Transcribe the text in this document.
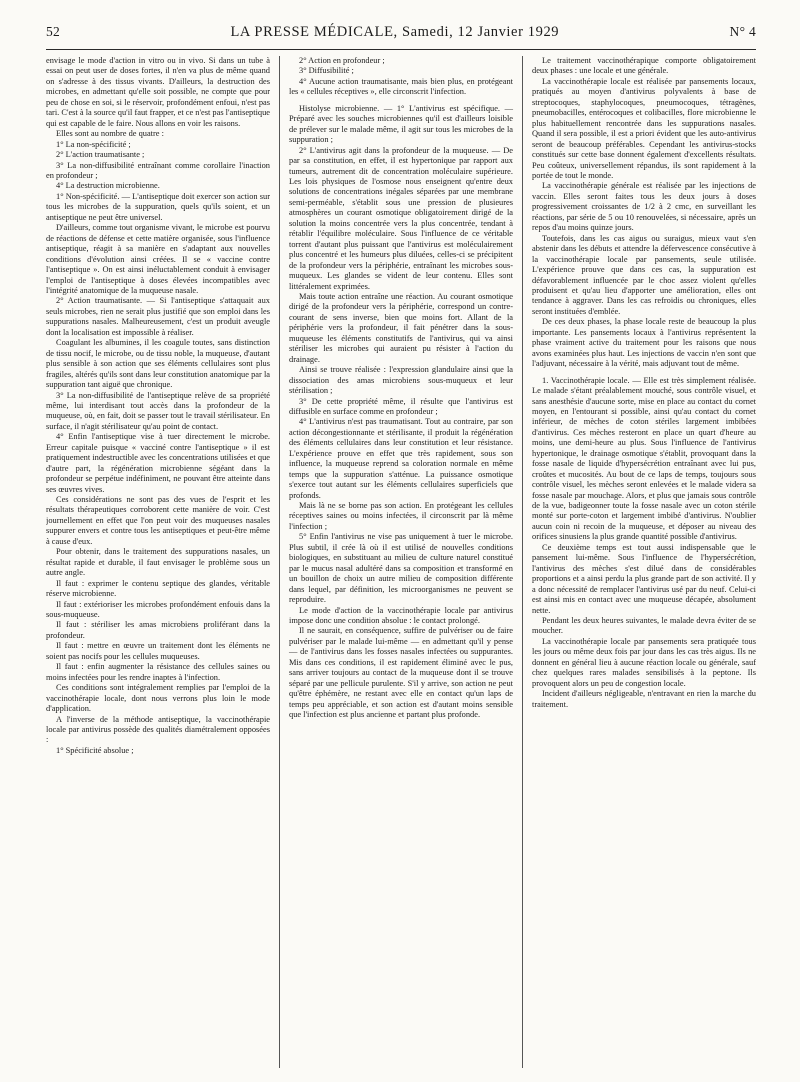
52	LA PRESSE MÉDICALE, Samedi, 12 Janvier 1929	N° 4

envisage le mode d'action in vitro ou in vivo. Si dans un tube à essai on peut user de doses fortes, il n'en va plus de même quand on s'adresse à des tissus vivants. D'ailleurs, la destruction des microbes, en admettant qu'elle soit possible, ne compte que pour peu de chose en soi, si le réservoir, profondément enfoui, n'est pas tari. C'est à la source qu'il faut frapper, et ce n'est pas l'antiseptique qui est capable de le faire. Nous allons en voir les raisons.

Elles sont au nombre de quatre :

1° La non-spécificité ;

2° L'action traumatisante ;

3° La non-diffusibilité entraînant comme corollaire l'inaction en profondeur ;

4° La destruction microbienne.

1° Non-spécificité. — L'antiseptique doit exercer son action sur tous les microbes de la suppuration, quels qu'ils soient, et un antiseptique ne peut être universel.

D'ailleurs, comme tout organisme vivant, le microbe est pourvu de réactions de défense et cette matière organisée, sous l'influence antiseptique, réagit à sa manière en s'adaptant aux nouvelles conditions d'évolution ainsi créées. Il se « vaccine contre l'antiseptique ». On est ainsi inéluctablement conduit à envisager l'emploi de l'antiseptique à doses élevées incompatibles avec l'intégrité anatomique de la muqueuse nasale.

2° Action traumatisante. — Si l'antiseptique s'attaquait aux seuls microbes, rien ne serait plus justifié que son emploi dans les suppurations nasales. Malheureusement, c'est un produit aveugle dont la localisation est impossible à réaliser.

Coagulant les albumines, il les coagule toutes, sans distinction de tissu nocif, le microbe, ou de tissu noble, la muqueuse, d'autant plus sensible à son action que ses éléments cellulaires sont plus fragiles, altérés qu'ils sont dans leur constitution anatomique par la suppuration tant aiguë que chronique.

3° La non-diffusibilité de l'antiseptique relève de sa propriété même, lui interdisant tout accès dans la profondeur de la muqueuse, où, en fait, doit se passer tout le travail stérilisateur. En surface, il n'agit stérilisateur qu'au point de contact.

4° Enfin l'antiseptique vise à tuer directement le microbe. Erreur capitale puisque « vacciné contre l'antiseptique » il est pratiquement indestructible avec les concentrations utilisées et que d'autre part, la régénération microbienne ségéant dans la profondeur se perpétue indéfiniment, ne pouvant être atteinte dans ses œuvres vives.

Ces considérations ne sont pas des vues de l'esprit et les résultats thérapeutiques corroborent cette manière de voir. C'est journellement en effet que l'on peut voir des muqueuses nasales suppurer envers et contre tous les antiseptiques et peut-être même à cause d'eux.

Pour obtenir, dans le traitement des suppurations nasales, un résultat rapide et durable, il faut envisager le problème sous un autre angle.

Il faut : exprimer le contenu septique des glandes, véritable réserve microbienne.

Il faut : extérioriser les microbes profondément enfouis dans la sous-muqueuse.

Il faut : stériliser les amas microbiens proliférant dans la profondeur.

Il faut : mettre en œuvre un traitement dont les éléments ne soient pas nocifs pour les cellules muqueuses.

Il faut : enfin augmenter la résistance des cellules saines ou moins infectées pour les rendre inaptes à l'infection.

Ces conditions sont intégralement remplies par l'emploi de la vaccinothérapie locale, dont nous verrons plus loin le mode d'application.

A l'inverse de la méthode antiseptique, la vaccinothérapie locale par antivirus possède des qualités diamétralement opposées :

1° Spécificité absolue ;

2° Action en profondeur ;

3° Diffusibilité ;

4° Aucune action traumatisante, mais bien plus, en protégeant les « cellules réceptives », elle circonscrit l'infection.

Histolyse microbienne. — 1° L'antivirus est spécifique. — Préparé avec les souches microbiennes qu'il est d'ailleurs loisible de prélever sur le malade même, il agit sur tous les microbes de la suppuration ;

2° L'antivirus agit dans la profondeur de la muqueuse. — De par sa constitution, en effet, il est hypertonique par rapport aux tumeurs, autrement dit de concentration moléculaire supérieure. Les lois physiques de l'osmose nous enseignent qu'entre deux solutions de concentrations inégales séparées par une membrane semi-perméable, s'établit sous une pression de plusieures atmosphères un courant osmotique obligatoirement dirigé de la solution la moins concentrée vers la plus concentrée, tendant à rétablir l'équilibre moléculaire. Sous l'influence de ce véritable torrent d'autant plus puissant que l'antivirus est moléculairement plus concentré et les humeurs plus diluées, celles-ci se précipitent de la profondeur vers la périphérie, entraînant les microbes sous-muqueux. Les glandes se vident de leur contenu. Elles sont littéralement exprimées.

Mais toute action entraîne une réaction. Au courant osmotique dirigé de la profondeur vers la périphérie, correspond un contre-courant de sens inverse, bien que moins fort. Allant de la périphérie vers la profondeur, il fait pénétrer dans la sous-muqueuse les éléments constitutifs de l'antivirus, qui va ainsi stériliser les microbes qui auraient pu résister à l'action du drainage.

Ainsi se trouve réalisée : l'expression glandulaire ainsi que la dissociation des amas microbiens sous-muqueux et leur stérilisation ;

3° De cette propriété même, il résulte que l'antivirus est diffusible en surface comme en profondeur ;

4° L'antivirus n'est pas traumatisant. Tout au contraire, par son action décongestionnante et stérilisante, il produit la régénération des éléments cellulaires dans leur constitution et leur résistance. L'expérience prouve en effet que très rapidement, sous son influence, la muqueuse reprend sa coloration normale en même temps que la suppuration s'atténue. La puissance osmotique s'exerce tout autant sur les éléments cellulaires superficiels que profonds.

Mais là ne se borne pas son action. En protégeant les cellules réceptives saines ou moins infectées, il circonscrit par là même l'infection ;

5° Enfin l'antivirus ne vise pas uniquement à tuer le microbe. Plus subtil, il crée là où il est utilisé de nouvelles conditions biologiques, en substituant au milieu de culture naturel constitué par le mucus nasal adultéré dans sa composition et transformé en un bouillon de choix un autre milieu de composition différente dans lequel, par définition, les microorganismes ne peuvent se reproduire.

Le mode d'action de la vaccinothérapie locale par antivirus impose donc une condition absolue : le contact prolongé.

Il ne saurait, en conséquence, suffire de pulvériser ou de faire pulvériser par le malade lui-même — en admettant qu'il y pense — de l'antivirus dans les fosses nasales infectées ou suppurantes. Mis dans ces conditions, il est rapidement éliminé avec le pus, sans arriver toujours au contact de la muqueuse dont il se trouve séparé par une pellicule purulente. S'il y arrive, son action ne peut qu'être éphémère, ne restant avec elle en contact qu'un laps de temps peu appréciable, et son action est d'autant moins sensible que l'infection est plus ancienne et partant plus profonde.

Le traitement vaccinothérapique comporte obligatoirement deux phases : une locale et une générale.

La vaccinothérapie locale est réalisée par pansements locaux, pratiqués au moyen d'antivirus polyvalents à base de streptocoques, staphylocoques, pneumocoques, tétragènes, pneumobacilles, entérocoques et colibacilles, flore microbienne le plus habituellement rencontrée dans les suppurations nasales. Quand il sera possible, il est a priori évident que les auto-antivirus seront de beaucoup préférables. Cependant les antivirus-stocks constitués sur cette base donnent également d'excellents résultats. Peu coûteux, universellement répandus, ils sont rapidement à la portée de tout le monde.

La vaccinothérapie générale est réalisée par les injections de vaccin. Elles seront faites tous les deux jours à doses progressivement croissantes de 1/2 à 2 cmc, en surveillant les réactions, par série de 5 ou 10 renouvelées, si nécessaire, après un repos d'au moins quinze jours.

Toutefois, dans les cas aigus ou suraigus, mieux vaut s'en abstenir dans les débuts et attendre la défervescence consécutive à la vaccinothérapie locale par pansements, seule utilisée. L'expérience prouve que dans ces cas, la suppuration est défavorablement influencée par le choc assez violent qu'elles produisent et qu'au lieu d'apporter une amélioration, elles ont tendance à aggraver. Dans les cas refroidis ou chroniques, elles seront instituées d'emblée.

De ces deux phases, la phase locale reste de beaucoup la plus importante. Les pansements locaux à l'antivirus représentent la phase vraiment active du traitement pour les raisons que nous avons examinées plus haut. Les injections de vaccin n'en sont que l'adjuvant, nécessaire à la vérité, mais adjuvant tout de même.

1. Vaccinothérapie locale. — Elle est très simplement réalisée. Le malade s'étant préalablement mouché, sous contrôle visuel, et sans anesthésie d'aucune sorte, mise en place au contact du cornet moyen, en l'entourant si possible, ainsi qu'au contact du cornet inférieur, de mèches de coton stériles largement imbibées d'antivirus. Ces mèches resteront en place un quart d'heure au moins, une demi-heure au plus. Sous l'influence de l'antivirus hypertonique, le drainage osmotique s'établit, provoquant dans la fosse nasale de liquide d'hypersécrétion entraînant avec lui pus, croûtes et mucosités. Au bout de ce laps de temps, toujours sous contrôle visuel, les mèches seront enlevées et le malade videra sa fosse nasale par mouchage. Alors, et plus que jamais sous contrôle de la vue, badigeonner toute la fosse nasale avec un coton stérile monté sur porte-coton et largement imbibé d'antivirus. N'oublier aucun coin ni recoin de la muqueuse, et déposer au niveau des orifices sinusiens la plus grande quantité possible d'antivirus.

Ce deuxième temps est tout aussi indispensable que le pansement lui-même. Sous l'influence de l'hypersécrétion, l'antivirus des mèches s'est dilué dans de considérables proportions et a ainsi perdu la plus grande part de son activité. Il y a donc nécessité de remplacer l'antivirus usé par du neuf. Celui-ci est ainsi mis en contact avec une muqueuse décapée, absolument nette.

Pendant les deux heures suivantes, le malade devra éviter de se moucher.

La vaccinothérapie locale par pansements sera pratiquée tous les jours ou même deux fois par jour dans les cas très aigus. Ils ne donnent en général lieu à aucune réaction locale ou générale, sauf chez quelques rares malades sensibilisés à la peptone. Ils provoquent alors un peu de congestion locale.

Incident d'ailleurs négligeable, n'entravant en rien la marche du traitement.
